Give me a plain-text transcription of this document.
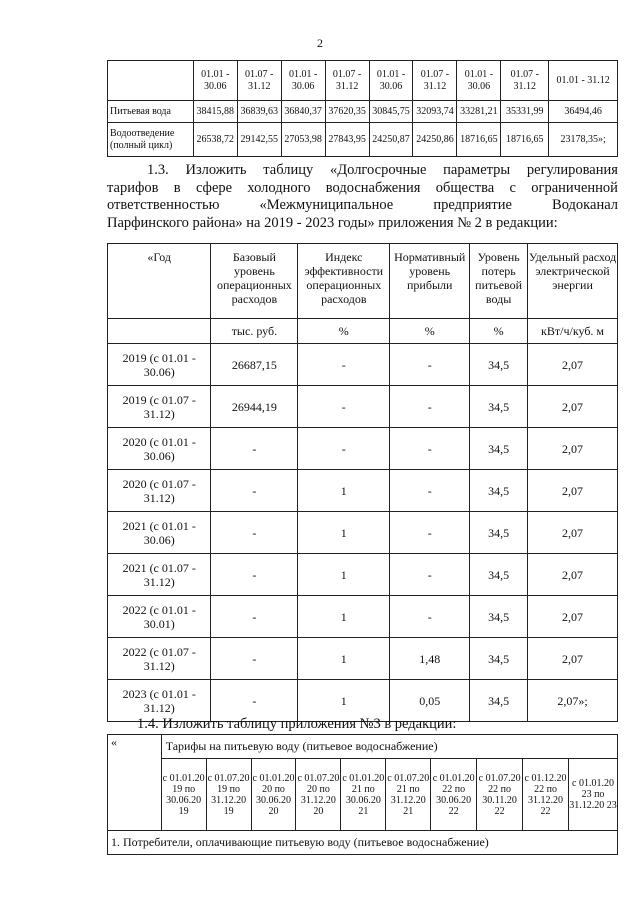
2
	01.01 - 30.06	01.07 - 31.12	01.01 - 30.06	01.07 - 31.12	01.01 - 30.06	01.07 - 31.12	01.01 - 30.06	01.07 - 31.12	01.01 - 31.12
Питьевая вода	38415,88	36839,63	36840,37	37620,35	30845,75	32093,74	33281,21	35331,99	36494,46
Водоотведение (полный цикл)	26538,72	29142,55	27053,98	27843,95	24250,87	24250,86	18716,65	18716,65	23178,35»;
1.3. Изложить таблицу «Долгосрочные параметры регулирования
тарифов в сфере холодного водоснабжения общества с ограниченной
ответственностью	«Межмуниципальное	предприятие	Водоканал
Парфинского района» на 2019 - 2023 годы» приложения № 2 в редакции:
«Год	Базовый уровень операционных расходов	Индекс эффективности операционных расходов	Нормативный уровень прибыли	Уровень потерь питьевой воды	Удельный расход электрической энергии
	тыс. руб.	%	%	%	кВт/ч/куб. м
2019 (с 01.01 - 30.06)	26687,15	-	-	34,5	2,07
2019 (с 01.07 - 31.12)	26944,19	-	-	34,5	2,07
2020 (с 01.01 - 30.06)	-	-	-	34,5	2,07
2020 (с 01.07 - 31.12)	-	1	-	34,5	2,07
2021 (с 01.01 - 30.06)	-	1	-	34,5	2,07
2021 (с 01.07 - 31.12)	-	1	-	34,5	2,07
2022 (с 01.01 - 30.01)	-	1	-	34,5	2,07
2022 (с 01.07 - 31.12)	-	1	1,48	34,5	2,07
2023 (с 01.01 - 31.12)	-	1	0,05	34,5	2,07»;
1.4. Изложить таблицу приложения №3 в редакции:
«	Тарифы на питьевую воду (питьевое водоснабжение)									
	с 01.01.20 19 по 30.06.20 19	с 01.07.20 19 по 31.12.20 19	с 01.01.20 20 по 30.06.20 20	с 01.07.20 20 по 31.12.20 20	с 01.01.20 21 по 30.06.20 21	с 01.07.20 21 по 31.12.20 21	с 01.01.20 22 по 30.06.20 22	с 01.07.20 22 по 30.11.20 22	с 01.12.20 22 по 31.12.20 22	с 01.01.20 23 по 31.12.20 23
1. Потребители, оплачивающие питьевую воду (питьевое водоснабжение)										
